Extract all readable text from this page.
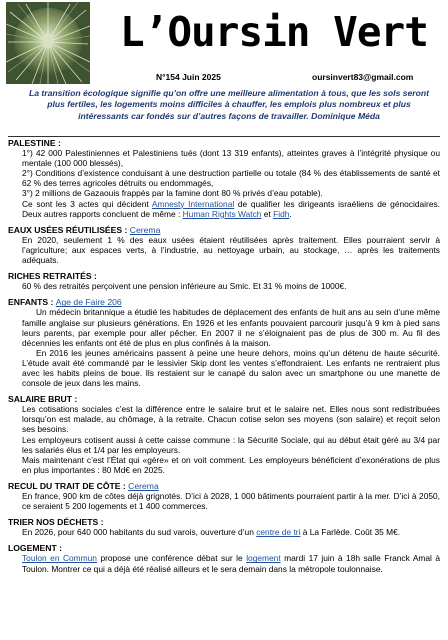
L’Oursin Vert
N°154 Juin 2025	oursinvert83@gmail.com
La transition écologique signifie qu’on offre une meilleure alimentation à tous, que les sols seront plus fertiles, les logements moins difficiles à chauffer, les emplois plus nombreux et plus intéressants car fondés sur d’autres façons de travailler. Dominique Méda
PALESTINE :
1°) 42 000 Palestiniennes et Palestiniens tués (dont 13 319 enfants), atteintes graves à l’intégrité physique ou mentale (100 000 blessés),
2°) Conditions d’existence conduisant à une destruction partielle ou totale (84 % des établissements de santé et 62 % des terres agricoles détruits ou endommagés,
3°) 2 millions de Gazaouis frappés par la famine dont 80 % privés d’eau potable).
Ce sont les 3 actes qui décident Amnesty International de qualifier les dirigeants israéliens de génocidaires. Deux autres rapports concluent de même : Human Rights Watch et Fidh.
EAUX USÉES RÉUTILISÉES : Cerema
En 2020, seulement 1 % des eaux usées étaient réutilisées après traitement. Elles pourraient servir à l’agriculture; aux espaces verts, à l’industrie, au nettoyage urbain, au stockage, … après les traitements adéquats.
RICHES RETRAITÉS :
60 % des retraités perçoivent une pension inférieure au Smic. Et 31 % moins de 1000€.
ENFANTS : Age de Faire 206
Un médecin britannique a étudié les habitudes de déplacement des enfants de huit ans au sein d’une même famille anglaise sur plusieurs générations. En 1926 et les enfants pouvaient parcourir jusqu’à 9 km à pied sans leurs parents, par exemple pour aller pêcher. En 2007 il ne s’éloignaient pas de plus de 300 m. Au fil des décennies les enfants ont été de plus en plus confinés à la maison.
En 2016 les jeunes américains passent à peine une heure dehors, moins qu’un détenu de haute sécurité. L’étude avait été commandé par le lessivier Skip dont les ventes s’effondraient. Les enfants ne rentraient plus avec les habits pleins de boue. Ils restaient sur le canapé du salon avec un smartphone ou une manette de console de jeux dans les mains.
SALAIRE BRUT :
Les cotisations sociales c’est la différence entre le salaire brut et le salaire net. Elles nous sont redistribuées lorsqu’on est malade, au chômage, à la retraite. Chacun cotise selon ses moyens (son salaire) et reçoit selon ses besoins.
Les employeurs cotisent aussi à cette caisse commune : la Sécurité Sociale, qui au début était géré au 3/4 par les salariés élus et 1/4 par les employeurs.
Mais maintenant c’est l’État qui «gère» et on voit comment. Les employeurs bénéficient d’exonérations de plus en plus importantes : 80 Md€ en 2025.
RECUL DU TRAIT DE CÔTE : Cerema
En france, 900 km de côtes déjà grignotés. D’ici à 2028, 1 000 bâtiments pourraient partir à la mer. D’ici à 2050, ce seraient 5 200 logements et 1 400 commerces.
TRIER NOS DÉCHETS :
En 2026, pour 640 000 habitants du sud varois, ouverture d’un centre de tri à La Farlède. Coût 35 M€.
LOGEMENT :
Toulon en Commun propose une conférence débat sur le logement mardi 17 juin à 18h salle Franck Amal à Toulon. Montrer ce qui a déjà été réalisé ailleurs et le sera demain dans la métropole toulonnaise.
